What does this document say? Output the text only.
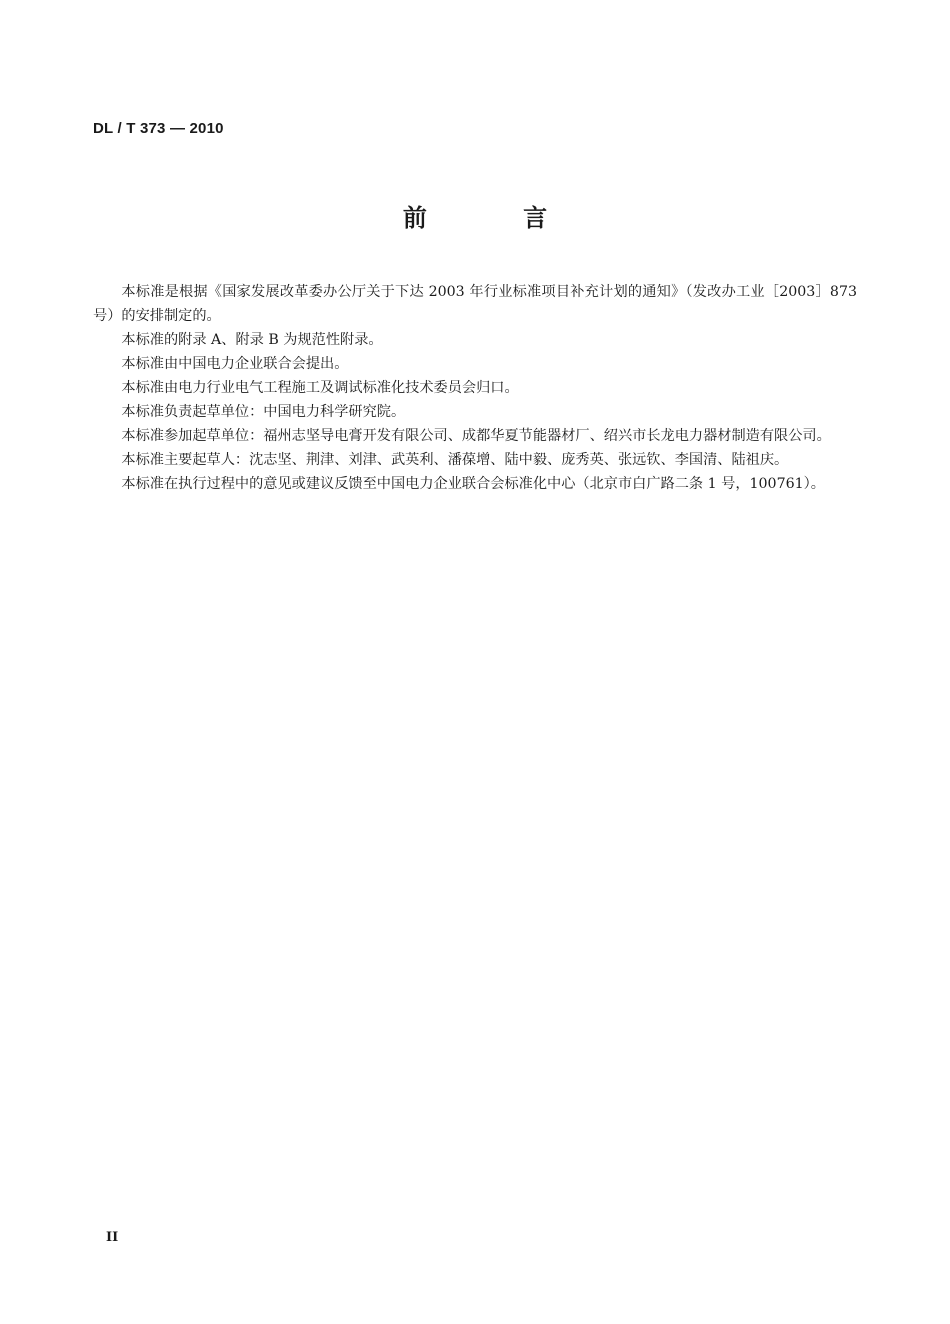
DL / T 373 — 2010
前 言

本标准是根据《国家发展改革委办公厅关于下达 2003 年行业标准项目补充计划的通知》（发改办工业［2003］873 号）的安排制定的。

本标准的附录 A、附录 B 为规范性附录。

本标准由中国电力企业联合会提出。

本标准由电力行业电气工程施工及调试标准化技术委员会归口。

本标准负责起草单位：中国电力科学研究院。

本标准参加起草单位：福州志坚导电膏开发有限公司、成都华夏节能器材厂、绍兴市长龙电力器材制造有限公司。

本标准主要起草人：沈志坚、荆津、刘津、武英利、潘葆增、陆中毅、庞秀英、张远钦、李国清、陆祖庆。

本标准在执行过程中的意见或建议反馈至中国电力企业联合会标准化中心（北京市白广路二条 1 号，100761）。

II
